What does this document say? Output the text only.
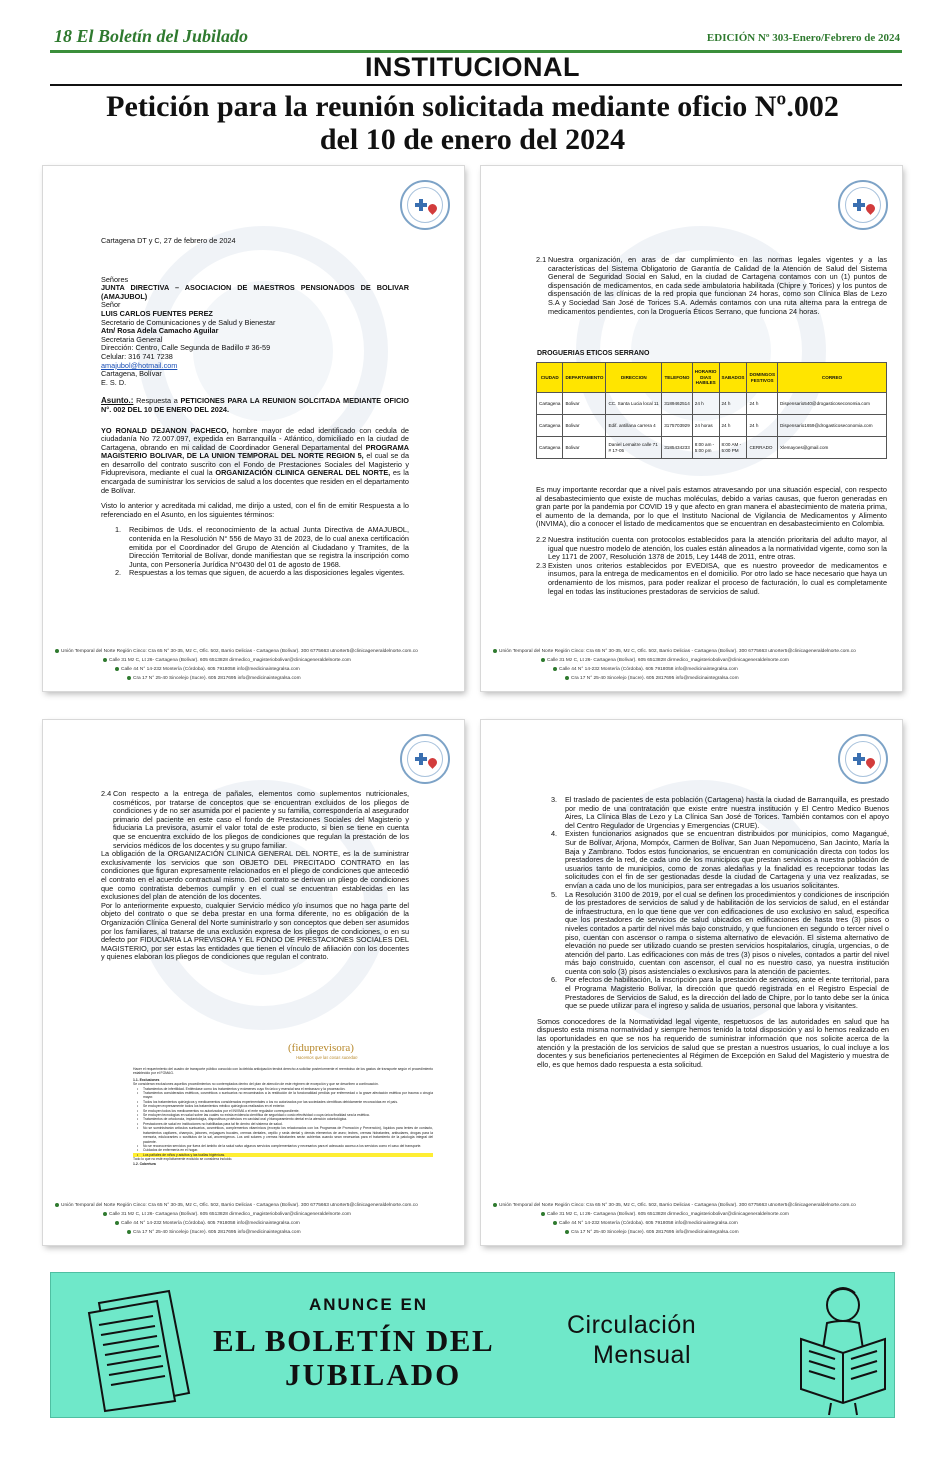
18 El Boletín del Jubilado	EDICIÓN Nº 303-Enero/Febrero de 2024
INSTITUCIONAL
Petición para la reunión solicitada mediante oficio Nº.002
del 10 de enero del 2024

Cartagena DT y C, 27 de febrero de 2024

Señores

JUNTA DIRECTIVA – ASOCIACION DE MAESTROS PENSIONADOS DE BOLIVAR (AMAJUBOL)

Señor

LUIS CARLOS FUENTES PEREZ

Secretario de Comunicaciones y de Salud y Bienestar

Atn/ Rosa Adela Camacho Aguilar

Secretaria General

Dirección: Centro, Calle Segunda de Badillo # 36-59

Celular: 316 741 7238

amajubol@hotmail.com

Cartagena, Bolívar

E. S. D.

Asunto.: Respuesta a PETICIONES PARA LA REUNION SOLCITADA MEDIANTE OFICIO N°. 002 DEL 10 DE ENERO DEL 2024.

YO RONALD DEJANON PACHECO, hombre mayor de edad identificado con cedula de ciudadanía No 72.007.097, expedida en Barranquilla - Atlántico, domiciliado en la ciudad de Cartagena, obrando en mi calidad de Coordinador General Departamental del PROGRAMA MAGISTERIO BOLIVAR, DE LA UNION TEMPORAL DEL NORTE REGION 5, el cual se da en desarrollo del contrato suscrito con el Fondo de Prestaciones Sociales del Magisterio y Fiduprevisora, mediante el cual la ORGANIZACIÓN CLINICA GENERAL DEL NORTE, es la encargada de suministrar los servicios de salud a los docentes que residen en el departamento de Bolívar.

Visto lo anterior y acreditada mi calidad, me dirijo a usted, con el fin de emitir Respuesta a lo referenciado en el Asunto, en los siguientes términos:

1.	Recibimos de Uds. el reconocimiento de la actual Junta Directiva de AMAJUBOL, contenida en la Resolución N° 556 de Mayo 31 de 2023, de lo cual anexa certificación emitida por el Coordinador del Grupo de Atención al Ciudadano y Tramites, de la Dirección Territorial de Bolívar, donde manifiestan que se registra la inscripción como Junta, con Personería Jurídica N°0430 del 01 de agosto de 1968.
2.	Respuestas a los temas que siguen, de acuerdo a las disposiciones legales vigentes.
Unión Temporal del Norte Región Cinco: Cra 65 N° 30-35, Mz C, Ofic. 502, Barrio Delicias - Cartagena (Bolívar). 300 6775663 utnorter5@clinicageneraldelnorte.com.co
Calle 31 Mz C, Lt 26- Cartagena (Bolívar). 605 6513828 dirmedico_magisteriobolivar@clinicageneraldelnorte.com
Calle 44 N° 14-232 Montería (Córdoba). 605 7918058 info@medicinaintegralsa.com
Cra 17 N° 25-40 Sincelejo (Sucre). 605 2817695 info@medicinaintegralsa.com
2.1 Nuestra organización, en aras de dar cumplimiento en las normas legales vigentes y a las características del Sistema Obligatorio de Garantía de Calidad de la Atención de Salud del Sistema General de Seguridad Social en Salud, en la ciudad de Cartagena contamos con un (1) puntos de dispensación de medicamentos, en cada sede ambulatoria habilitada (Chipre y Torices) y los puntos de dispensación de las clínicas de la red propia que funcionan 24 horas, como son Clínica Blas de Lezo S.A y Sociedad San José de Torices S.A. Además contamos con una ruta alterna para la entrega de medicamentos pendientes, con la Droguería Éticos Serrano, que funciona 24 horas.
DROGUERIAS ETICOS SERRANO
CIUDAD	DEPARTAMENTO	DIRECCION	TELEFONO	HORARIO DIAS HABILES	SABADOS	DOMINGOS FESTIVOS	CORREO
Cartagena	Bolivar	CC. Santa Lucia local 11	3189462514	24 h	24 h	24 h	Dispensario540@drogasticoseconomia.com
Cartagena	Bolivar	Edif. antillana carrera 4	3175703929	24 horas	24 h	24 h	Dispensario1659@drogasticoseconomia.com
Cartagena	Bolivar	Daniel Lemaitre calle 71 # 17-05	3185434233	8:00 am - 5:00 pm	8:00 AM - 5:00 PM	CERRADO	Xlemayoes@gmail.com

Es muy importante recordar que a nivel país estamos atravesando por una situación especial, con respecto al desabastecimiento que existe de muchas moléculas, debido a varias causas, que fueron generadas en gran parte por la pandemia por COVID 19 y que afecto en gran manera el abastecimiento de materia prima, el aumento de la demanda, por lo que el Instituto Nacional de Vigilancia de Medicamentos y Alimento (INVIMA), dio a conocer el listado de medicamentos que se encuentran en desabastecimiento en Colombia.

2.2 Nuestra institución cuenta con protocolos establecidos para la atención prioritaria del adulto mayor, al igual que nuestro modelo de atención, los cuales están alineados a la normatividad vigente, como son la Ley 1171 de 2007, Resolución 1378 de 2015, Ley 1448 de 2011, entre otras.
2.3 Existen unos criterios establecidos por EVEDISA, que es nuestro proveedor de medicamentos e insumos, para la entrega de medicamentos en el domicilio. Por otro lado se hace necesario que haya un ordenamiento de los mismos, para poder realizar el proceso de facturación, lo cual es completamente legal en todas las instituciones prestadoras de servicios de salud.
Unión Temporal del Norte Región Cinco: Cra 65 N° 30-35, Mz C, Ofic. 502, Barrio Delicias - Cartagena (Bolívar). 300 6775663 utnorter5@clinicageneraldelnorte.com.co
Calle 31 Mz C, Lt 26- Cartagena (Bolívar). 605 6513828 dirmedico_magisteriobolivar@clinicageneraldelnorte.com
Calle 44 N° 14-232 Montería (Córdoba). 605 7918058 info@medicinaintegralsa.com
Cra 17 N° 25-40 Sincelejo (Sucre). 605 2817695 info@medicinaintegralsa.com
2.4 Con respecto a la entrega de pañales, elementos como suplementos nutricionales, cosméticos, por tratarse de conceptos que se encuentran excluidos de los pliegos de condiciones y de no ser asumida por el paciente y su familia, correspondería al asegurador primario del paciente en este caso el fondo de Prestaciones Sociales del Magisterio y fiduciaria La previsora, asumir el valor total de este producto, si bien se tiene en cuenta que se encuentra excluido de los pliegos de condiciones que regulan la prestación de los servicios médicos de los docentes y su grupo familiar.

La obligación de la ORGANIZACIÓN CLINICA GENERAL DEL NORTE, es la de suministrar exclusivamente los servicios que son OBJETO DEL PRECITADO CONTRATO en las condiciones que figuran expresamente relacionados en el pliego de condiciones que antecedió el contrato en el acuerdo contractual mismo. Del contrato se derivan un pliego de condiciones que como contratista debemos cumplir y en el cual se encuentran establecidas en las exclusiones del plan de atención de los docentes.

Por lo anteriormente expuesto, cualquier Servicio médico y/o insumos que no haga parte del objeto del contrato o que se deba prestar en una forma diferente, no es obligación de la Organización Clínica General del Norte suministrarlo y son conceptos que deben ser asumidos por los familiares, al tratarse de una exclusión expresa de los pliegos de condiciones, o en su defecto por FIDUCIARIA LA PREVISORA Y EL FONDO DE PRESTACIONES SOCIALES DEL MAGISTERIO, por ser estas las entidades que tienen el vínculo de afiliación con los docentes y quienes elaboran los pliegos de condiciones que regulan el contrato.

(fiduprevisora)
Hacemos que las cosas sucedan

Hacer el requerimiento del cuadro de transporte público conocido con la debida anticipación tendrá derecho a solicitar posteriormente el reembolso de los gastos de transporte según el procedimiento establecido por el FOMAG.

1.1. Exclusiones

Se consideran exclusiones aquellos procedimientos no contemplados dentro del plan de atención de este régimen de excepción y que se describen a continuación.

• Tratamientos de infertilidad. Entiéndase como los tratamientos y exámenes cuyo fin único y esencial sea el embarazo y la procreación.
• Tratamientos considerados estéticos, cosméticos o suntuarios no encaminados a la restitución de la funcionalidad perdida por enfermedad o la grave afectación estética por trauma o cirugía mayor.
• Todos los tratamientos quirúrgicos y medicamentos considerados experimentales o los no autorizados por las sociedades científicas debidamente reconocidas en el país.
• Se excluyen expresamente todos los tratamientos médico quirúrgicos realizados en el exterior.
• Se excluyen todos los medicamentos no autorizados por el INVIMA o el ente regulador correspondiente.
• Se excluyen tecnologías en salud sobre las cuales no exista evidencia científica de seguridad o costo efectividad o cuya única finalidad sea la estética.
• Tratamientos de ortodoncia, implantología, dispositivos protésicos en cavidad oral y blanqueamiento dental en la atención odontológica.
• Prestaciones de salud en instituciones no habilitadas para tal fin dentro del sistema de salud.
• No se suministrarán artículos suntuarios, cosméticos, complementos vitamínicos (excepto los relacionados con los Programas de Promoción y Prevención), líquidos para lentes de contacto, tratamientos capilares, champús, jabones, enjuagues bucales, cremas dentales, cepillo y seda dental y demás elementos de aseo; leches, cremas hidratantes, antisolares, drogas para la memoria, edulcorantes o sustitutos de la sal, anorexígenos. Los anti solares y cremas hidratantes serán cubiertas cuando sean necesarias para el tratamiento de la patología integral del paciente.
• No se reconocerán servicios por fuera del ámbito de la salud salvo algunos servicios complementarios y necesarios para el adecuado acceso a los servicios como el caso del transporte.
• Cuidados de enfermería en el hogar.
• Los pañales de niños y adultos y las toallas higiénicas.

Todo lo que no esté explícitamente excluido se considera incluido.

1.2. Cobertura

Unión Temporal del Norte Región Cinco: Cra 65 N° 30-35, Mz C, Ofic. 502, Barrio Delicias - Cartagena (Bolívar). 300 6775663 utnorter5@clinicageneraldelnorte.com.co
Calle 31 Mz C, Lt 26- Cartagena (Bolívar). 605 6513828 dirmedico_magisteriobolivar@clinicageneraldelnorte.com
Calle 44 N° 14-232 Montería (Córdoba). 605 7918058 info@medicinaintegralsa.com
Cra 17 N° 25-40 Sincelejo (Sucre). 605 2817695 info@medicinaintegralsa.com
3.	El traslado de pacientes de esta población (Cartagena) hasta la ciudad de Barranquilla, es prestado por medio de una contratación que existe entre nuestra institución y El Centro Medico Buenos Aires, La Clínica Blas de Lezo y La Clínica San José de Torices. También contamos con el apoyo del Centro Regulador de Urgencias y Emergencias (CRUE).
4.	Existen funcionarios asignados que se encuentran distribuidos por municipios, como Magangué, Sur de Bolívar, Arjona, Mompóx, Carmen de Bolívar, San Juan Nepomuceno, San Jacinto, María la Baja y Zambrano. Todos estos funcionarios, se encuentran en comunicación directa con todos los prestadores de la red, de cada uno de los municipios que prestan servicios a nuestra población de usuarios tanto de municipios, como de zonas aledañas y la finalidad es recepcionar todas las solicitudes con el fin de ser gestionadas desde la ciudad de Cartagena y una vez realizadas, se envían a cada uno de los municipios, para ser entregadas a los usuarios solicitantes.
5.	La Resolución 3100 de 2019, por el cual se definen los procedimientos y condiciones de inscripción de los prestadores de servicios de salud y de habilitación de los servicios de salud, en el estándar de infraestructura, en lo que tiene que ver con edificaciones de uso exclusivo en salud, especifica que los prestadores de servicios de salud ubicados en edificaciones de hasta tres (3) pisos o niveles contados a partir del nivel más bajo construido, y que funcionen en segundo o tercer nivel o piso, cuentan con ascensor o rampa o sistema alternativo de elevación. El sistema alternativo de elevación no puede ser utilizado cuando se presten servicios hospitalarios, cirugía, urgencias, o de atención del parto. Las edificaciones con más de tres (3) pisos o niveles, contados a partir del nivel más bajo construido, cuentan con ascensor, el cual no es nuestro caso, ya nuestra institución cuenta con solo (3) pisos asistenciales o exclusivos para la atención de pacientes.
6.	Por efectos de habilitación, la inscripción para la prestación de servicios, ante el ente territorial, para el Programa Magisterio Bolívar, la dirección que quedó registrada en el Registro Especial de Prestadores de Servicios de Salud, es la dirección del lado de Chipre, por lo tanto debe ser la única que se puede utilizar para el ingreso y salida de usuarios, personal que labora y visitantes.

Somos conocedores de la Normatividad legal vigente, respetuosos de las autoridades en salud que ha dispuesto esta misma normatividad y siempre hemos tenido la total disposición y así lo hemos realizado en las oportunidades en que se nos ha requerido de suministrar información que nos solicite acerca de la atención y la prestación de los servicios de salud que se prestan a nuestros usuarios, lo cual incluye a los docentes y sus beneficiarios pertenecientes al Régimen de Excepción en Salud del Magisterio y muestra de ello, es que hemos dado respuesta a esta solicitud.

Unión Temporal del Norte Región Cinco: Cra 65 N° 30-35, Mz C, Ofic. 502, Barrio Delicias - Cartagena (Bolívar). 300 6775663 utnorter5@clinicageneraldelnorte.com.co
Calle 31 Mz C, Lt 26- Cartagena (Bolívar). 605 6513828 dirmedico_magisteriobolivar@clinicageneraldelnorte.com
Calle 44 N° 14-232 Montería (Córdoba). 605 7918058 info@medicinaintegralsa.com
Cra 17 N° 25-40 Sincelejo (Sucre). 605 2817695 info@medicinaintegralsa.com
ANUNCE EN
EL BOLETÍN DEL
JUBILADO
Circulación
Mensual
